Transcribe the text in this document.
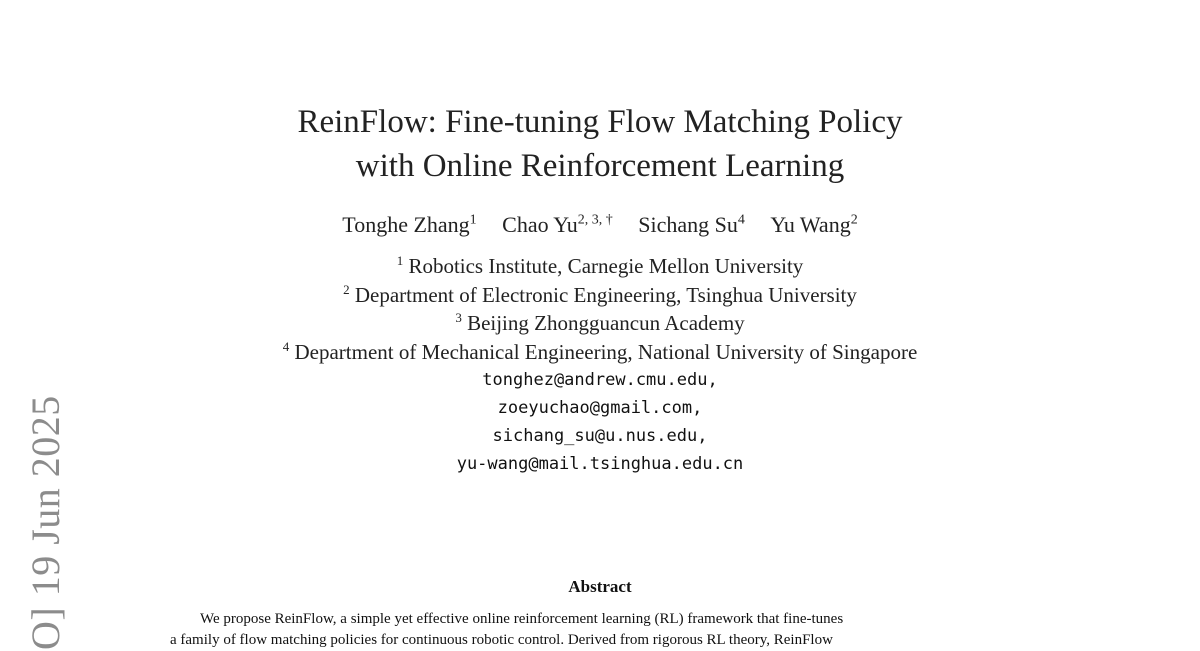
O] 19 Jun 2025
ReinFlow: Fine-tuning Flow Matching Policy
with Online Reinforcement Learning
Tonghe Zhang$^1$ Chao $Yu^{2, 3, \dagger}$ Sichang Su$^4$ Yu Wang$^2$
$^1$ Robotics Institute, Carnegie Mellon University
$^2$ Department of Electronic Engineering, Tsinghua University
$^3$ Beijing Zhongguancun Academy
$^4$ Department of Mechanical Engineering, National University of Singapore
tonghez@andrew.cmu.edu,
zoeyuchao@gmail.com,
sichang_su@u.nus.edu,
yu-wang@mail.tsinghua.edu.cn
Abstract
We propose ReinFlow, a simple yet effective online reinforcement learning (RL) framework that fine-tunes
a family of flow matching policies for continuous robotic control. Derived from rigorous RL theory, ReinFlow
